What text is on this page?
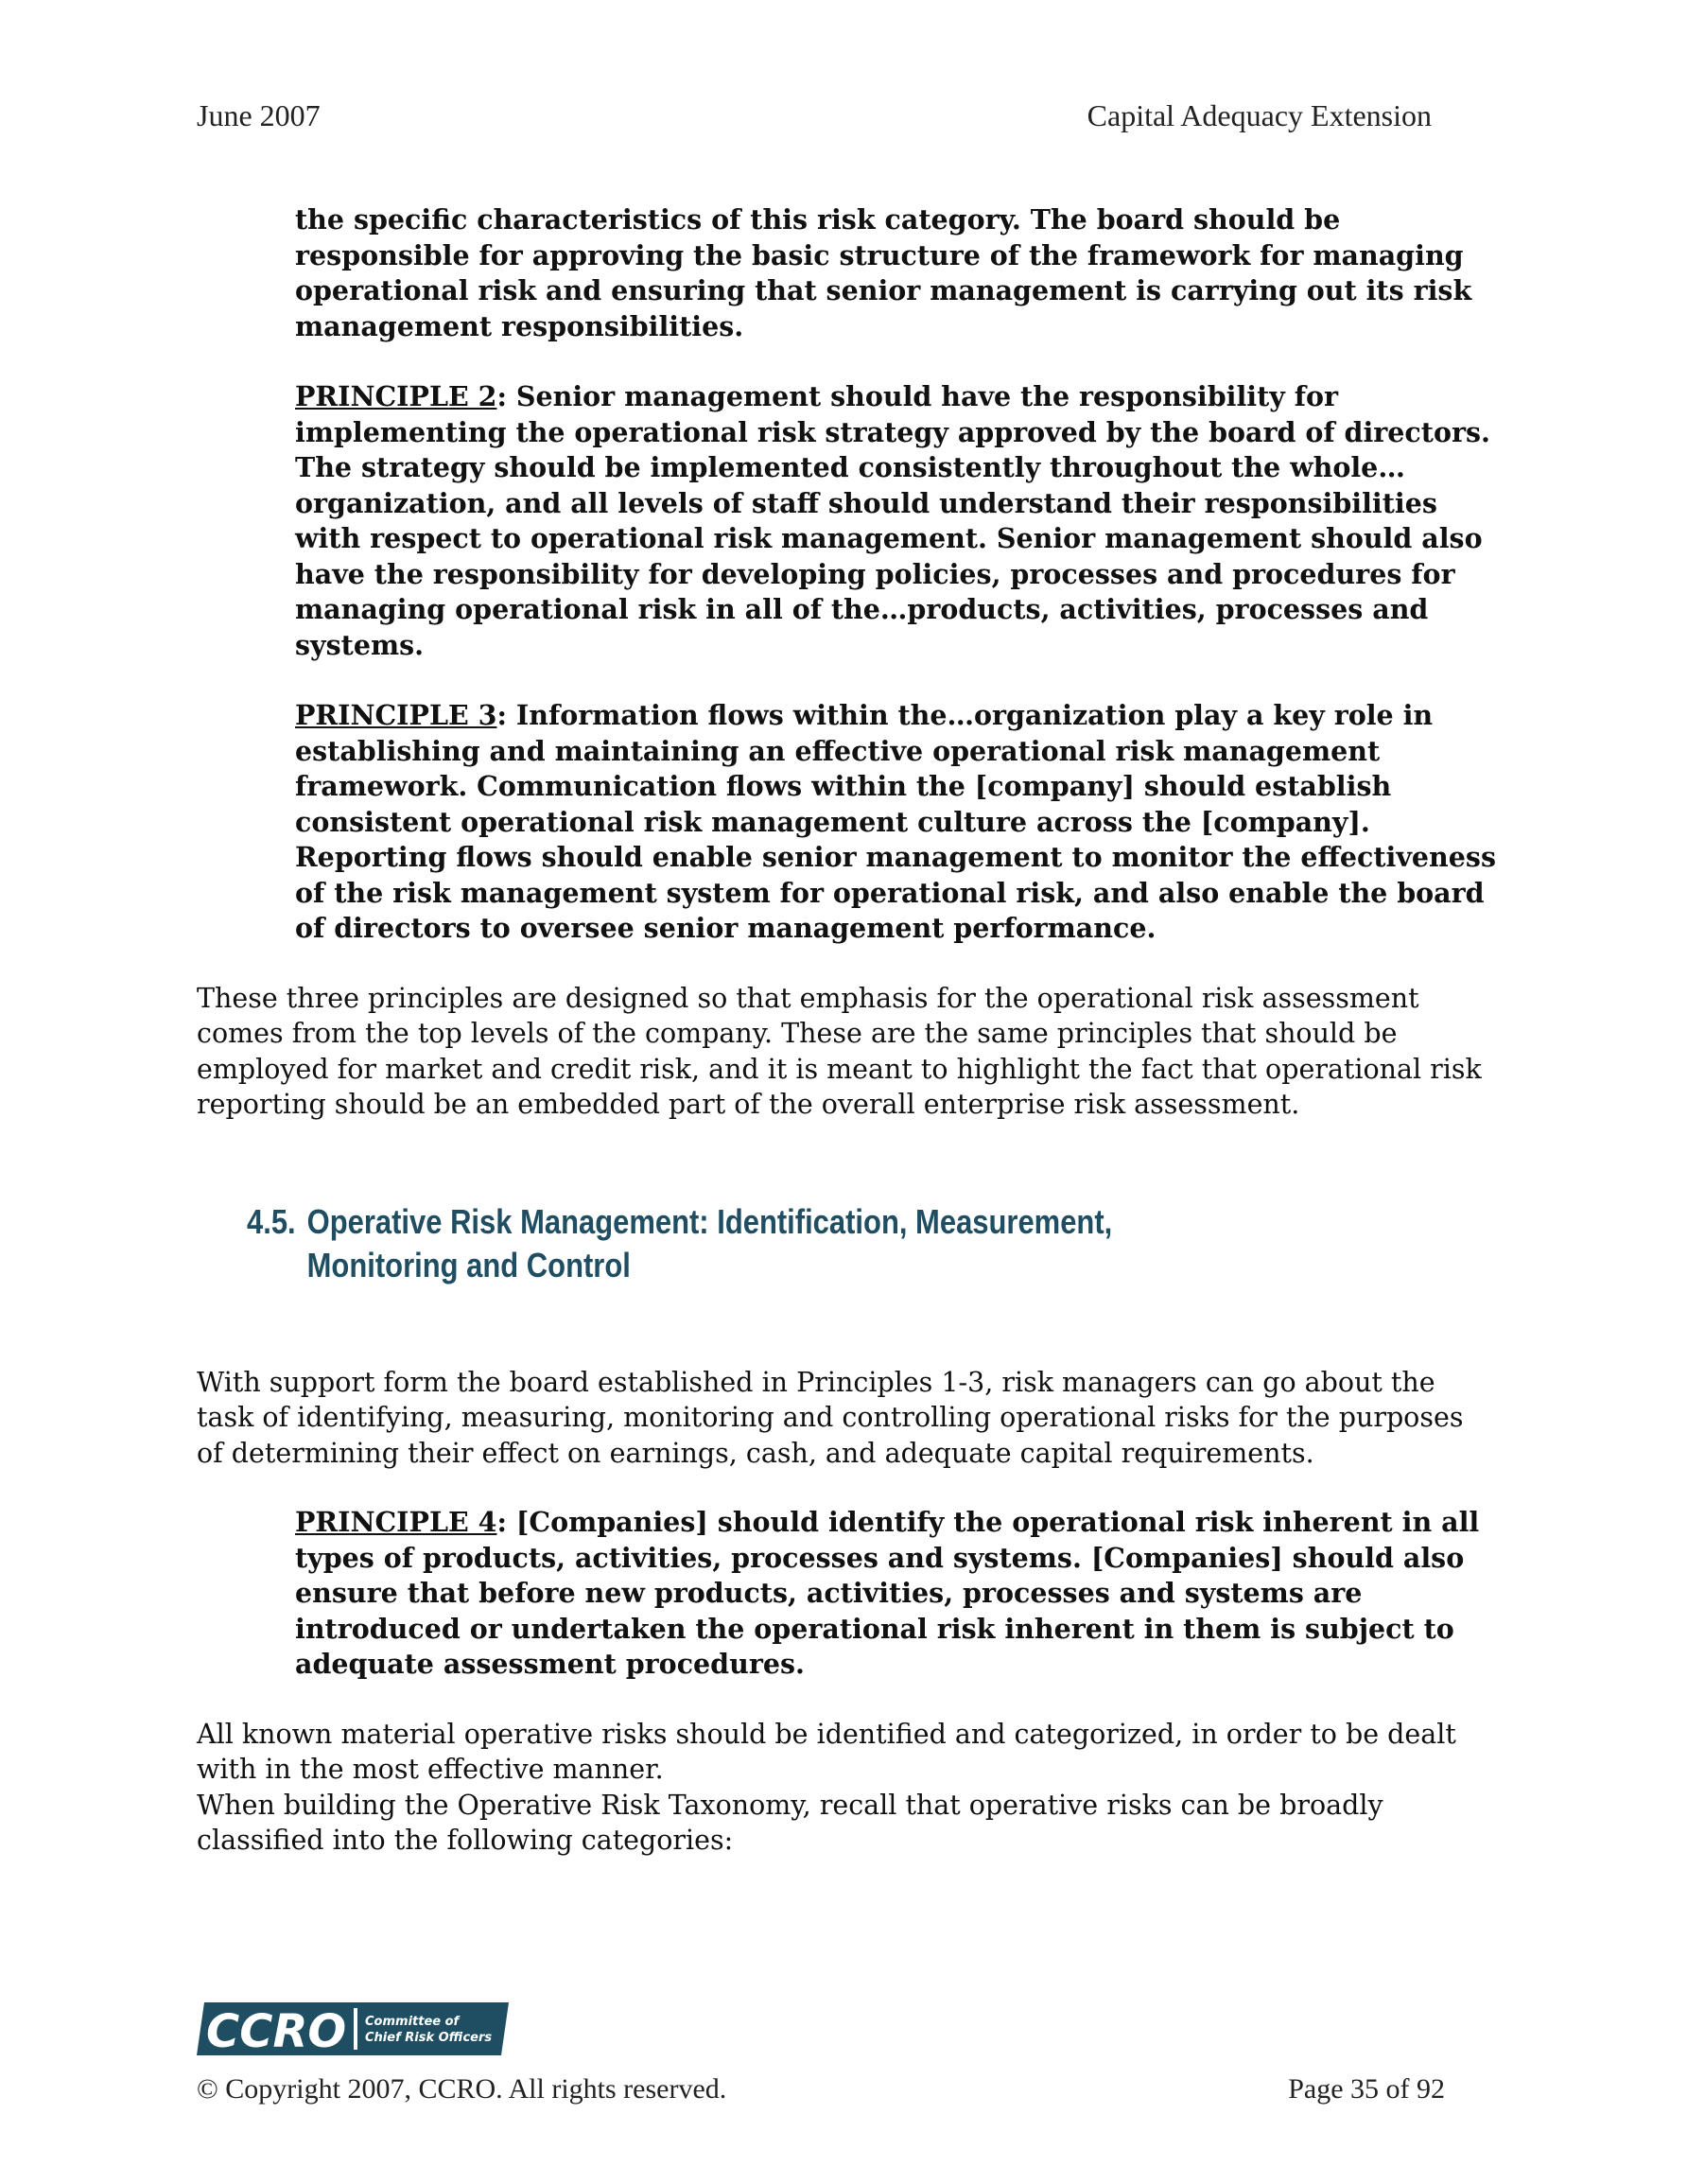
June 2007	Capital Adequacy Extension

the specific characteristics of this risk category. The board should be responsible for approving the basic structure of the framework for managing operational risk and ensuring that senior management is carrying out its risk management responsibilities.

PRINCIPLE 2: Senior management should have the responsibility for implementing the operational risk strategy approved by the board of directors. The strategy should be implemented consistently throughout the whole…organization, and all levels of staff should understand their responsibilities with respect to operational risk management. Senior management should also have the responsibility for developing policies, processes and procedures for managing operational risk in all of the…products, activities, processes and systems.

PRINCIPLE 3: Information flows within the…organization play a key role in establishing and maintaining an effective operational risk management framework. Communication flows within the [company] should establish consistent operational risk management culture across the [company]. Reporting flows should enable senior management to monitor the effectiveness of the risk management system for operational risk, and also enable the board of directors to oversee senior management performance.

These three principles are designed so that emphasis for the operational risk assessment comes from the top levels of the company. These are the same principles that should be employed for market and credit risk, and it is meant to highlight the fact that operational risk reporting should be an embedded part of the overall enterprise risk assessment.

4.5. Operative Risk Management: Identification, Measurement, Monitoring and Control

With support form the board established in Principles 1-3, risk managers can go about the task of identifying, measuring, monitoring and controlling operational risks for the purposes of determining their effect on earnings, cash, and adequate capital requirements.

PRINCIPLE 4: [Companies] should identify the operational risk inherent in all types of products, activities, processes and systems. [Companies] should also ensure that before new products, activities, processes and systems are introduced or undertaken the operational risk inherent in them is subject to adequate assessment procedures.

All known material operative risks should be identified and categorized, in order to be dealt with in the most effective manner.

When building the Operative Risk Taxonomy, recall that operative risks can be broadly classified into the following categories:

CCRO Committee of
Chief Risk Officers
© Copyright 2007, CCRO. All rights reserved.	Page 35 of 92
